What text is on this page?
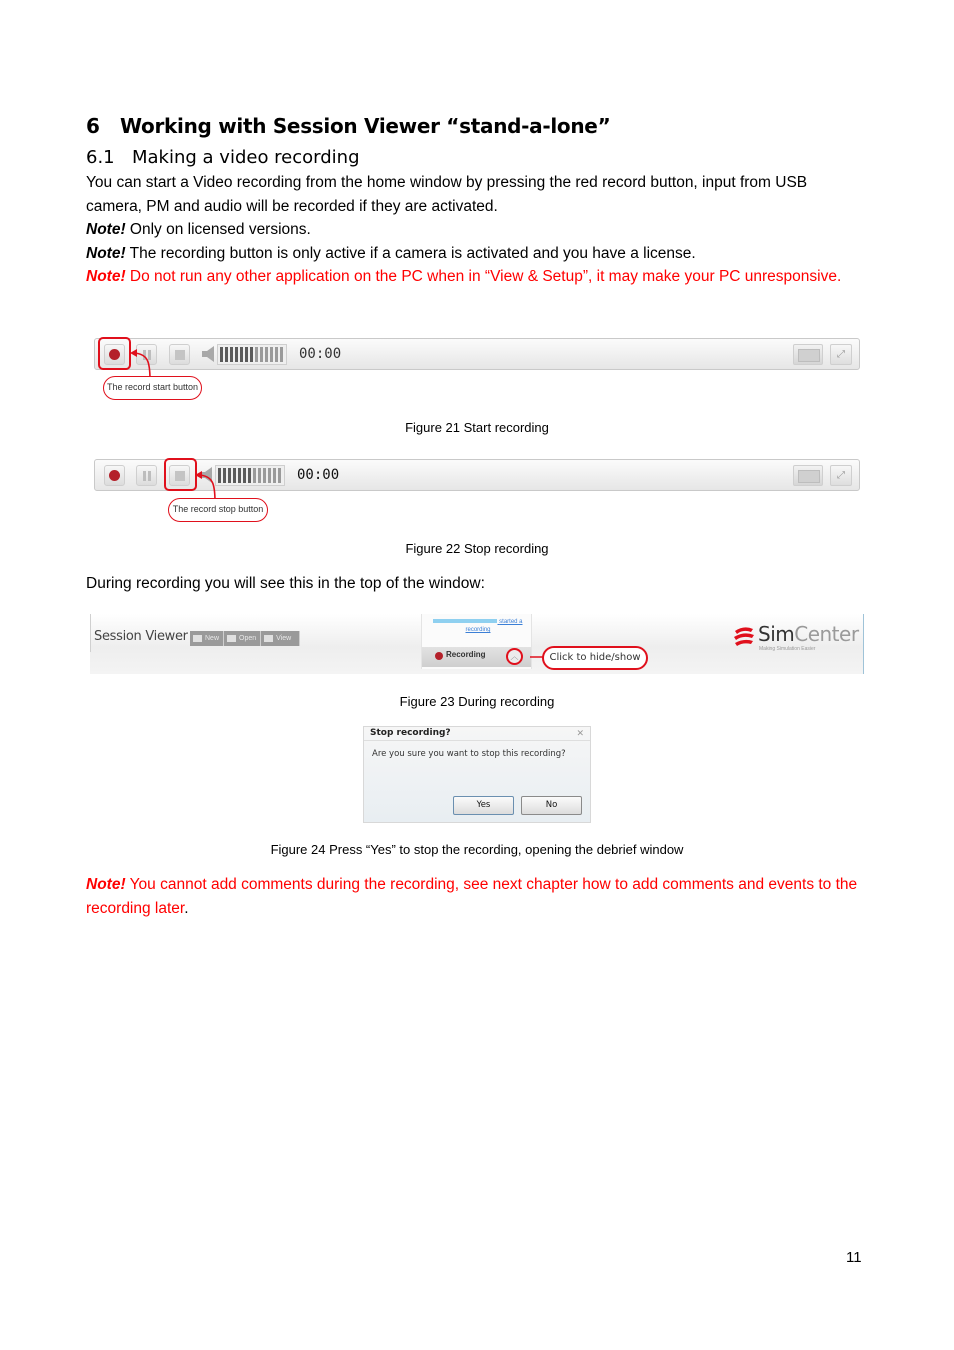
6 Working with Session Viewer “stand-a-lone”
6.1 Making a video recording
You can start a Video recording from the home window by pressing the red record button, input from USB camera, PM and audio will be recorded if they are activated.
Note! Only on licensed versions.
Note! The recording button is only active if a camera is activated and you have a license.
Note! Do not run any other application on the PC when in “View & Setup”, it may make your PC unresponsive.
00:00	⤢
The record start button
Figure 21 Start recording
00:00	⤢
The record stop button
Figure 22 Stop recording
During recording you will see this in the top of the window:
Session Viewer New	Open	View
started a recording
Recording	︿	Click to hide/show
SimCenter
Making Simulation Easier
Figure 23 During recording
Stop recording?	✕
Are you sure you want to stop this recording?
Yes	No
Figure 24 Press “Yes” to stop the recording, opening the debrief window
Note! You cannot add comments during the recording, see next chapter how to add comments and events to the recording later.
11
